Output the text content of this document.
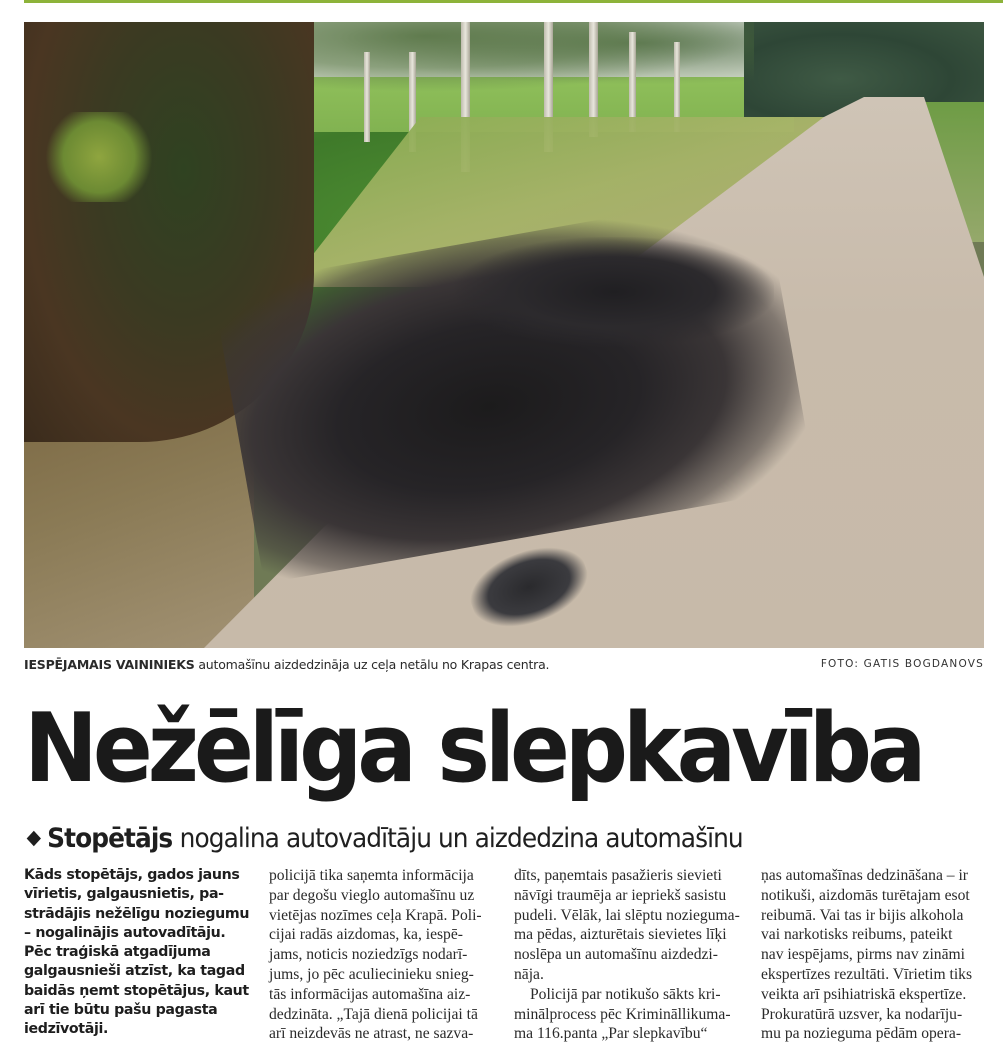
IESPĒJAMAIS VAININIEKS automašīnu aizdedzināja uz ceļa netālu no Krapas centra.	FOTO: GATIS BOGDANOVS
Nežēlīga slepkavība
Stopētājs nogalina autovadītāju un aizdedzina automašīnu
Kāds stopētājs, gados jauns
vīrietis, galgausnietis, pa-
strādājis nežēlīgu noziegumu
– nogalinājis autovadītāju.
Pēc traģiskā atgadījuma
galgausnieši atzīst, ka tagad
baidās ņemt stopētājus, kaut
arī tie būtu pašu pagasta
iedzīvotāji.
policijā tika saņemta informācija
par degošu vieglo automašīnu uz
vietējas nozīmes ceļa Krapā. Poli-
cijai radās aizdomas, ka, iespē-
jams, noticis noziedzīgs nodarī-
jums, jo pēc aculiecinieku snieg-
tās informācijas automašīna aiz-
dedzināta. „Tajā dienā policijai tā
arī neizdevās ne atrast, ne sazva-
dīts, paņemtais pasažieris sievieti
nāvīgi traumēja ar iepriekš sasistu
pudeli. Vēlāk, lai slēptu nozieguma-
ma pēdas, aizturētais sievietes līķi
noslēpa un automašīnu aizdedzi-
nāja.
Policijā par notikušo sākts kri-
minālprocess pēc Krimināllikuma-
ma 116.panta „Par slepkavību“
ņas automašīnas dedzināšana – ir
notikuši, aizdomās turētajam esot
reibumā. Vai tas ir bijis alkohola
vai narkotisks reibums, pateikt
nav iespējams, pirms nav zināmi
ekspertīzes rezultāti. Vīrietim tiks
veikta arī psihiatriskā ekspertīze.
Prokuratūrā uzsver, ka nodarīju-
mu pa nozieguma pēdām opera-
